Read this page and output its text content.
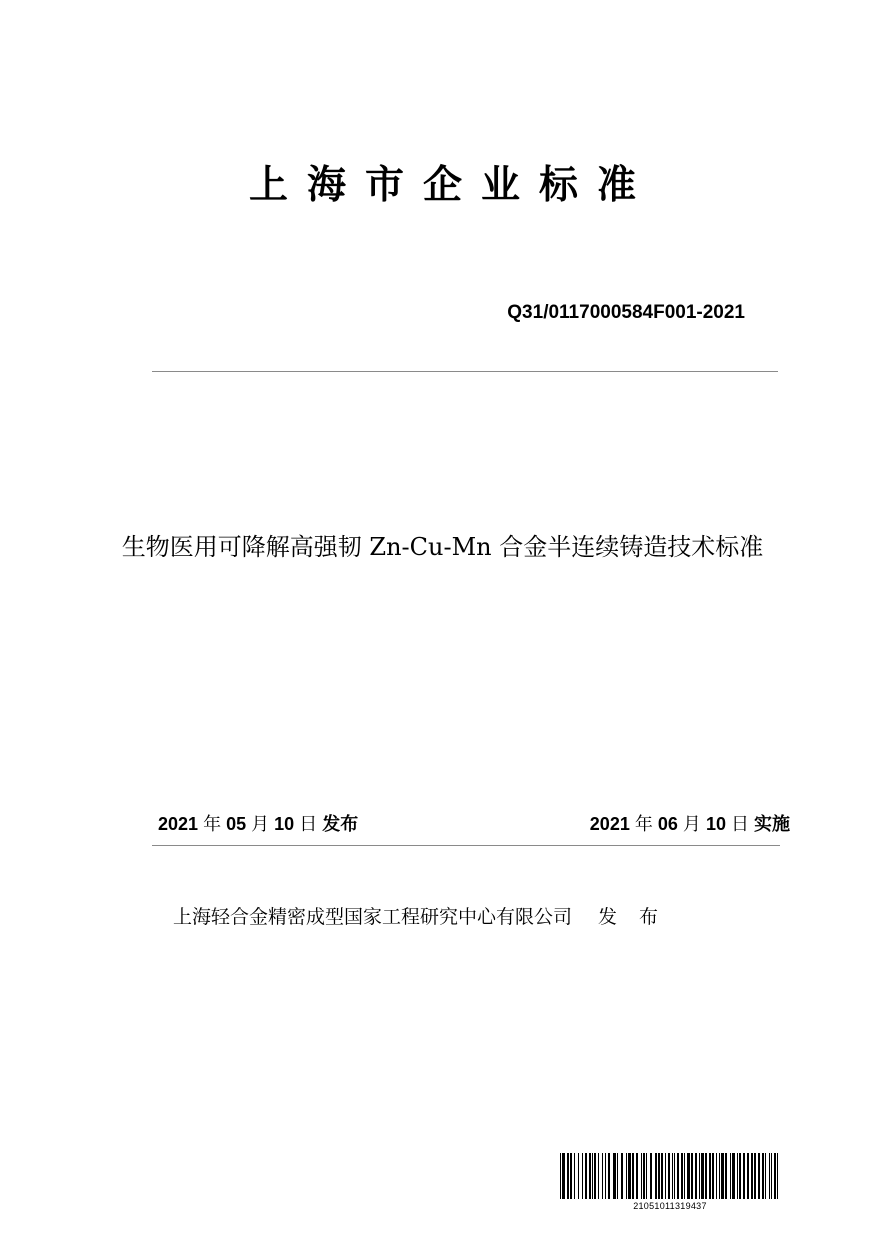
上海市企业标准
Q31/0117000584F001-2021
生物医用可降解高强韧 Zn-Cu-Mn 合金半连续铸造技术标准
2021 年 05 月 10 日 发布	2021 年 06 月 10 日 实施
上海轻合金精密成型国家工程研究中心有限公司 发 布
21051011319437
